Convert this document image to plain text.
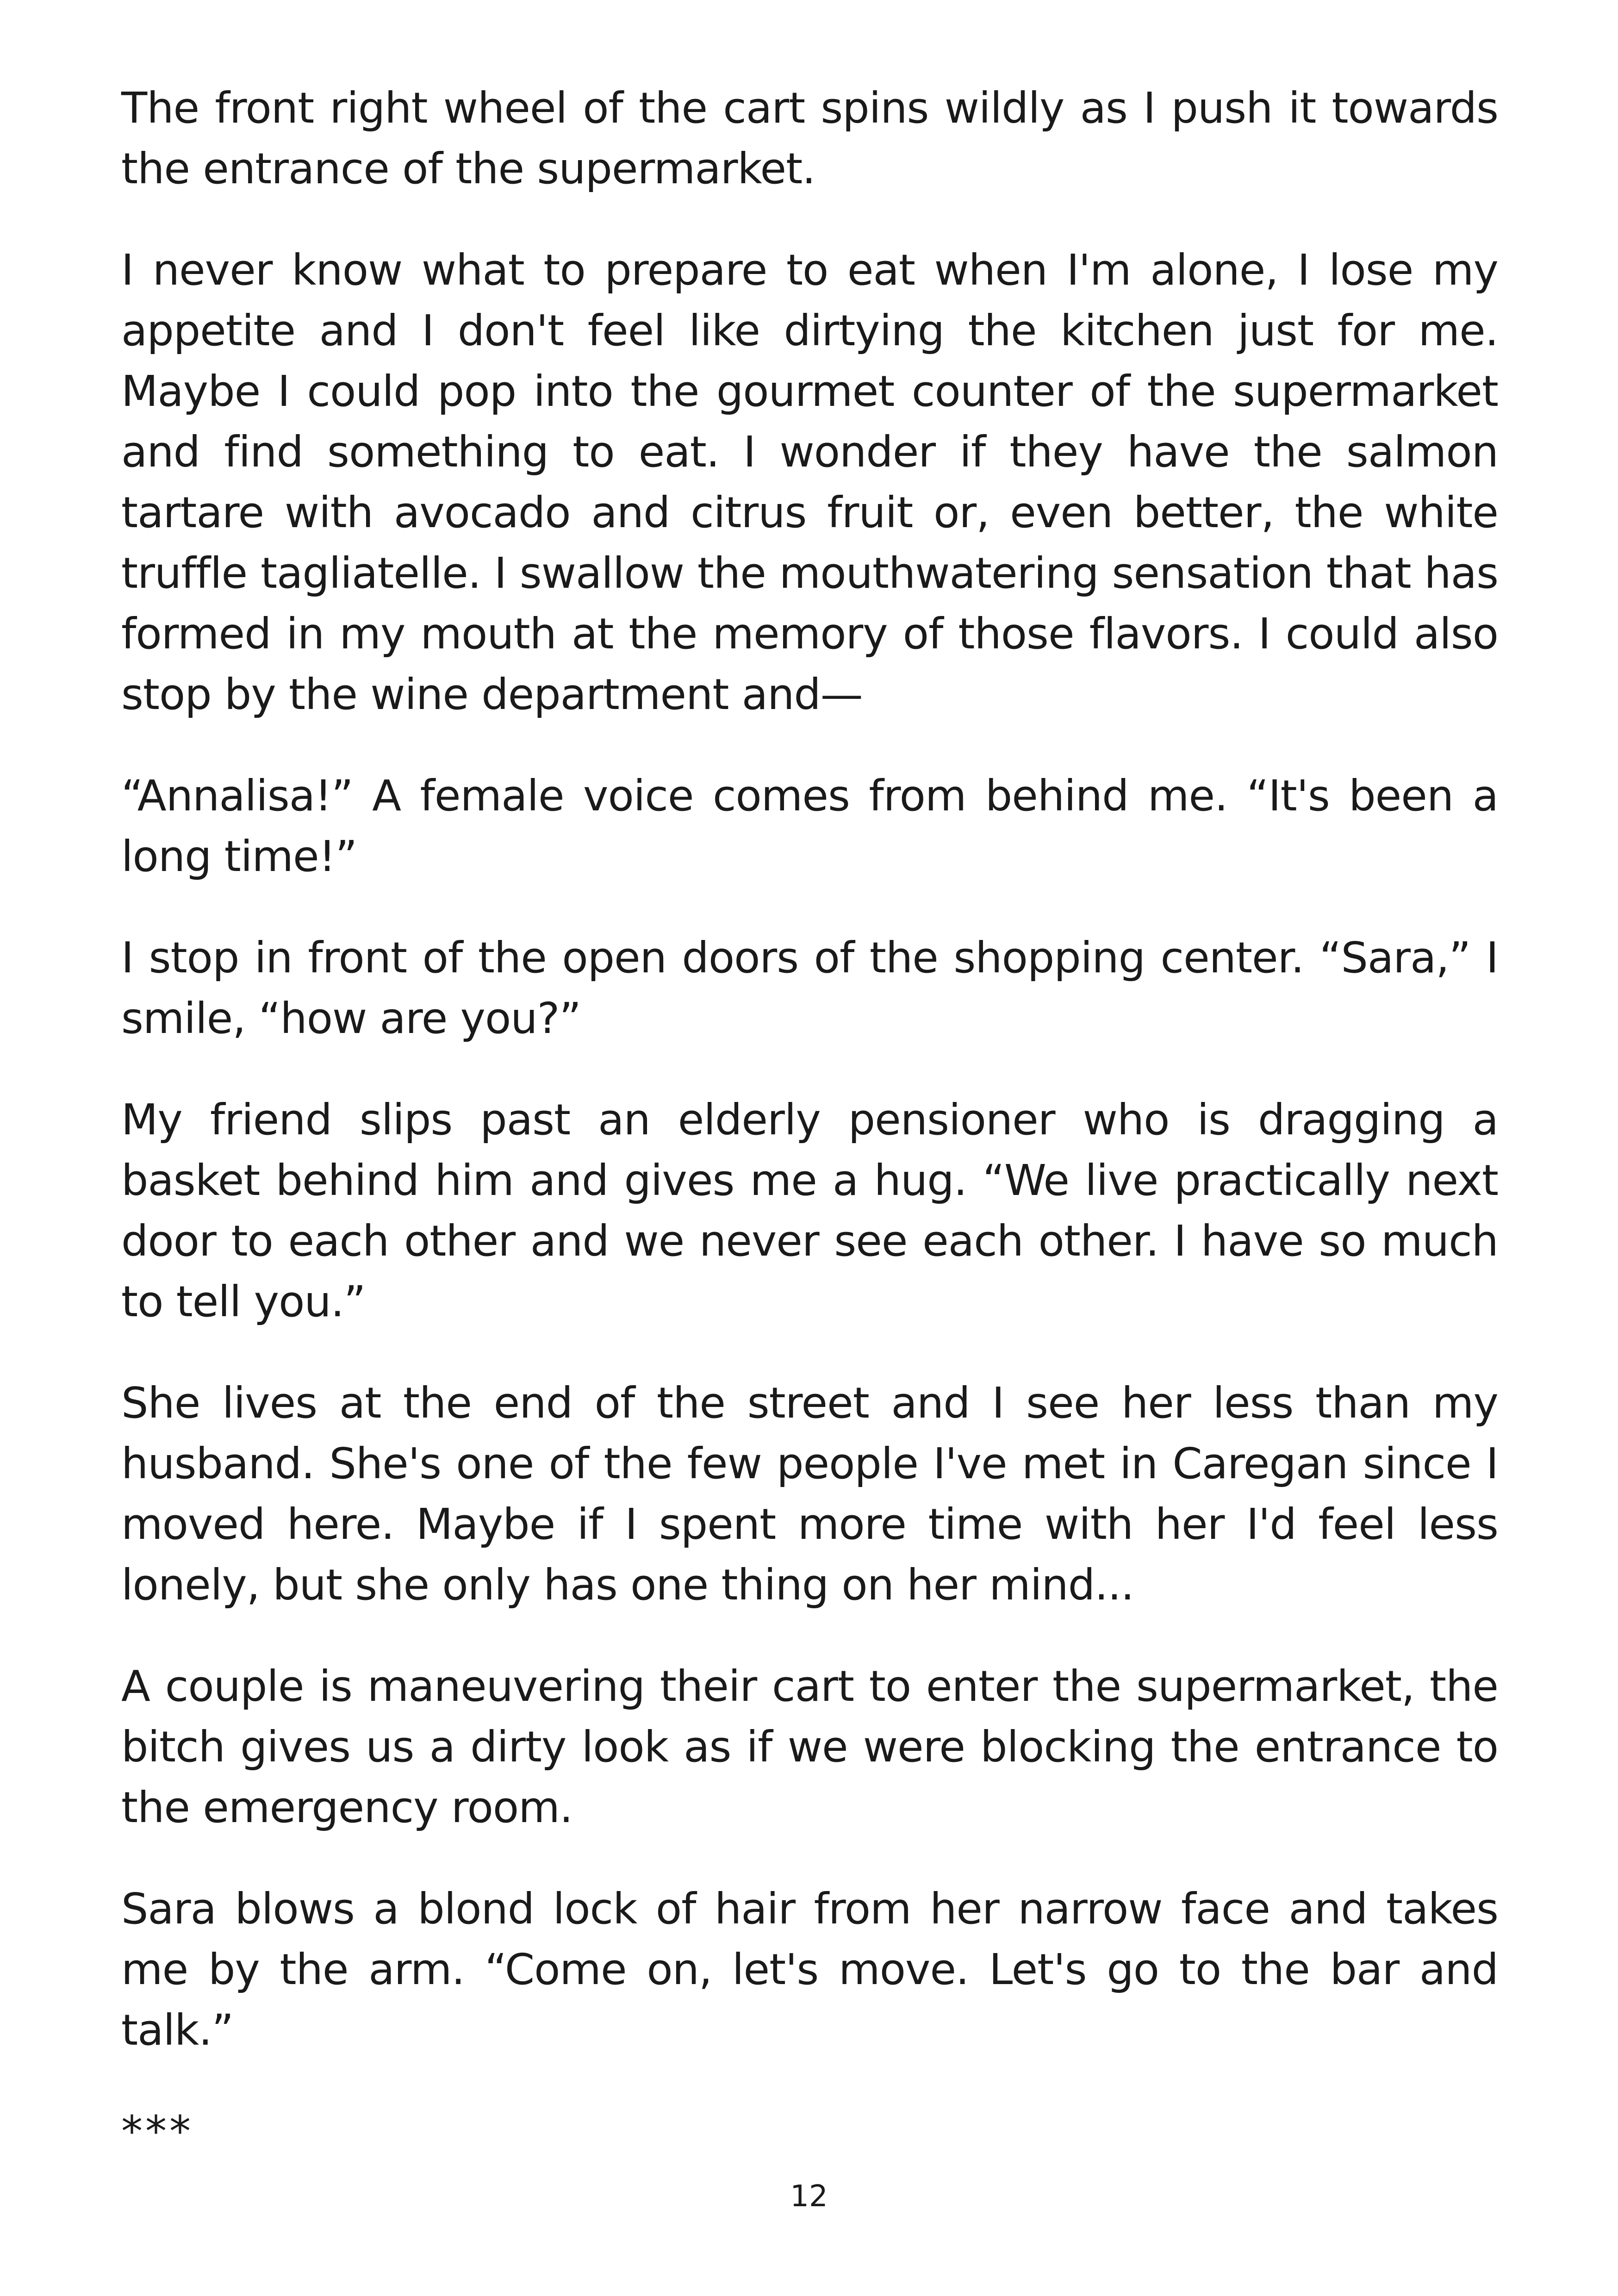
The front right wheel of the cart spins wildly as I push it towards the entrance of the supermarket.

I never know what to prepare to eat when I'm alone, I lose my appetite and I don't feel like dirtying the kitchen just for me. Maybe I could pop into the gourmet counter of the supermarket and find something to eat. I wonder if they have the salmon tartare with avocado and citrus fruit or, even better, the white truffle tagliatelle. I swallow the mouthwatering sensation that has formed in my mouth at the memory of those flavors. I could also stop by the wine department and—

“Annalisa!” A female voice comes from behind me. “It's been a long time!”

I stop in front of the open doors of the shopping center. “Sara,” I smile, “how are you?”

My friend slips past an elderly pensioner who is dragging a basket behind him and gives me a hug. “We live practically next door to each other and we never see each other. I have so much to tell you.”

She lives at the end of the street and I see her less than my husband. She's one of the few people I've met in Caregan since I moved here. Maybe if I spent more time with her I'd feel less lonely, but she only has one thing on her mind...

A couple is maneuvering their cart to enter the supermarket, the bitch gives us a dirty look as if we were blocking the entrance to the emergency room.

Sara blows a blond lock of hair from her narrow face and takes me by the arm. “Come on, let's move. Let's go to the bar and talk.”

***

12
